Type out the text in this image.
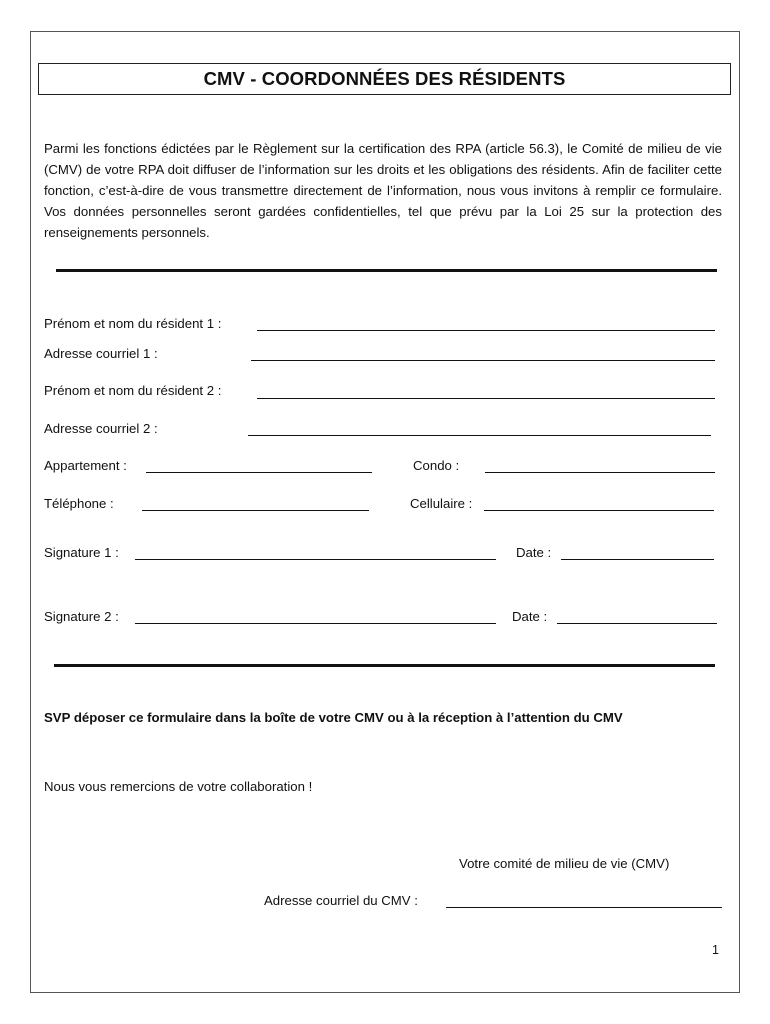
CMV - COORDONNÉES DES RÉSIDENTS
Parmi les fonctions édictées par le Règlement sur la certification des RPA (article 56.3), le Comité de milieu de vie (CMV) de votre RPA doit diffuser de l’information sur les droits et les obligations des résidents. Afin de faciliter cette fonction, c’est-à-dire de vous transmettre directement de l’information, nous vous invitons à remplir ce formulaire. Vos données personnelles seront gardées confidentielles, tel que prévu par la Loi 25 sur la protection des renseignements personnels.
Prénom et nom du résident 1 :
Adresse courriel 1 :
Prénom et nom du résident 2 :
Adresse courriel 2 :
Appartement :	Condo :
Téléphone :	Cellulaire :
Signature 1 :	Date :
Signature 2 :	Date :
SVP déposer ce formulaire dans la boîte de votre CMV ou à la réception à l’attention du CMV
Nous vous remercions de votre collaboration !
Votre comité de milieu de vie (CMV)
Adresse courriel du CMV :
1
